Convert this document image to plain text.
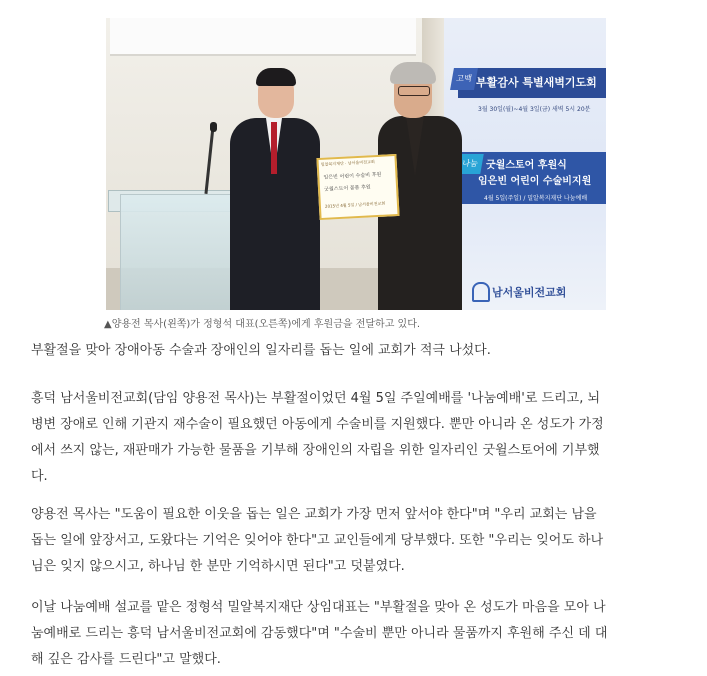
고백 부활감사 특별새벽기도회
3월 30일(월)~4월 3일(금) 새벽 5시 20분
나눔 굿윌스토어 후원식
임은빈 어린이 수술비지원
4월 5일(주일) / 밀알복지재단 나눔예배
남서울비전교회
밀알복지재단 · 남서울비전교회
임은빈 어린이 수술비 후원
굿윌스토어 물품 후원
2015년 4월 5일 / 남서울비전교회
▲양용전 목사(왼쪽)가 정형석 대표(오른쪽)에게 후원금을 전달하고 있다.
부활절을 맞아 장애아동 수술과 장애인의 일자리를 돕는 일에 교회가 적극 나섰다.
흥덕 남서울비전교회(담임 양용전 목사)는 부활절이었던 4월 5일 주일예배를 '나눔예배'로 드리고, 뇌
병변 장애로 인해 기관지 재수술이 필요했던 아동에게 수술비를 지원했다. 뿐만 아니라 온 성도가 가정
에서 쓰지 않는, 재판매가 가능한 물품을 기부해 장애인의 자립을 위한 일자리인 굿윌스토어에 기부했
다.
양용전 목사는 "도움이 필요한 이웃을 돕는 일은 교회가 가장 먼저 앞서야 한다"며 "우리 교회는 남을
돕는 일에 앞장서고, 도왔다는 기억은 잊어야 한다"고 교인들에게 당부했다. 또한 "우리는 잊어도 하나
님은 잊지 않으시고, 하나님 한 분만 기억하시면 된다"고 덧붙였다.
이날 나눔예배 설교를 맡은 정형석 밀알복지재단 상임대표는 "부활절을 맞아 온 성도가 마음을 모아 나
눔예배로 드리는 흥덕 남서울비전교회에 감동했다"며 "수술비 뿐만 아니라 물품까지 후원해 주신 데 대
해 깊은 감사를 드린다"고 말했다.
